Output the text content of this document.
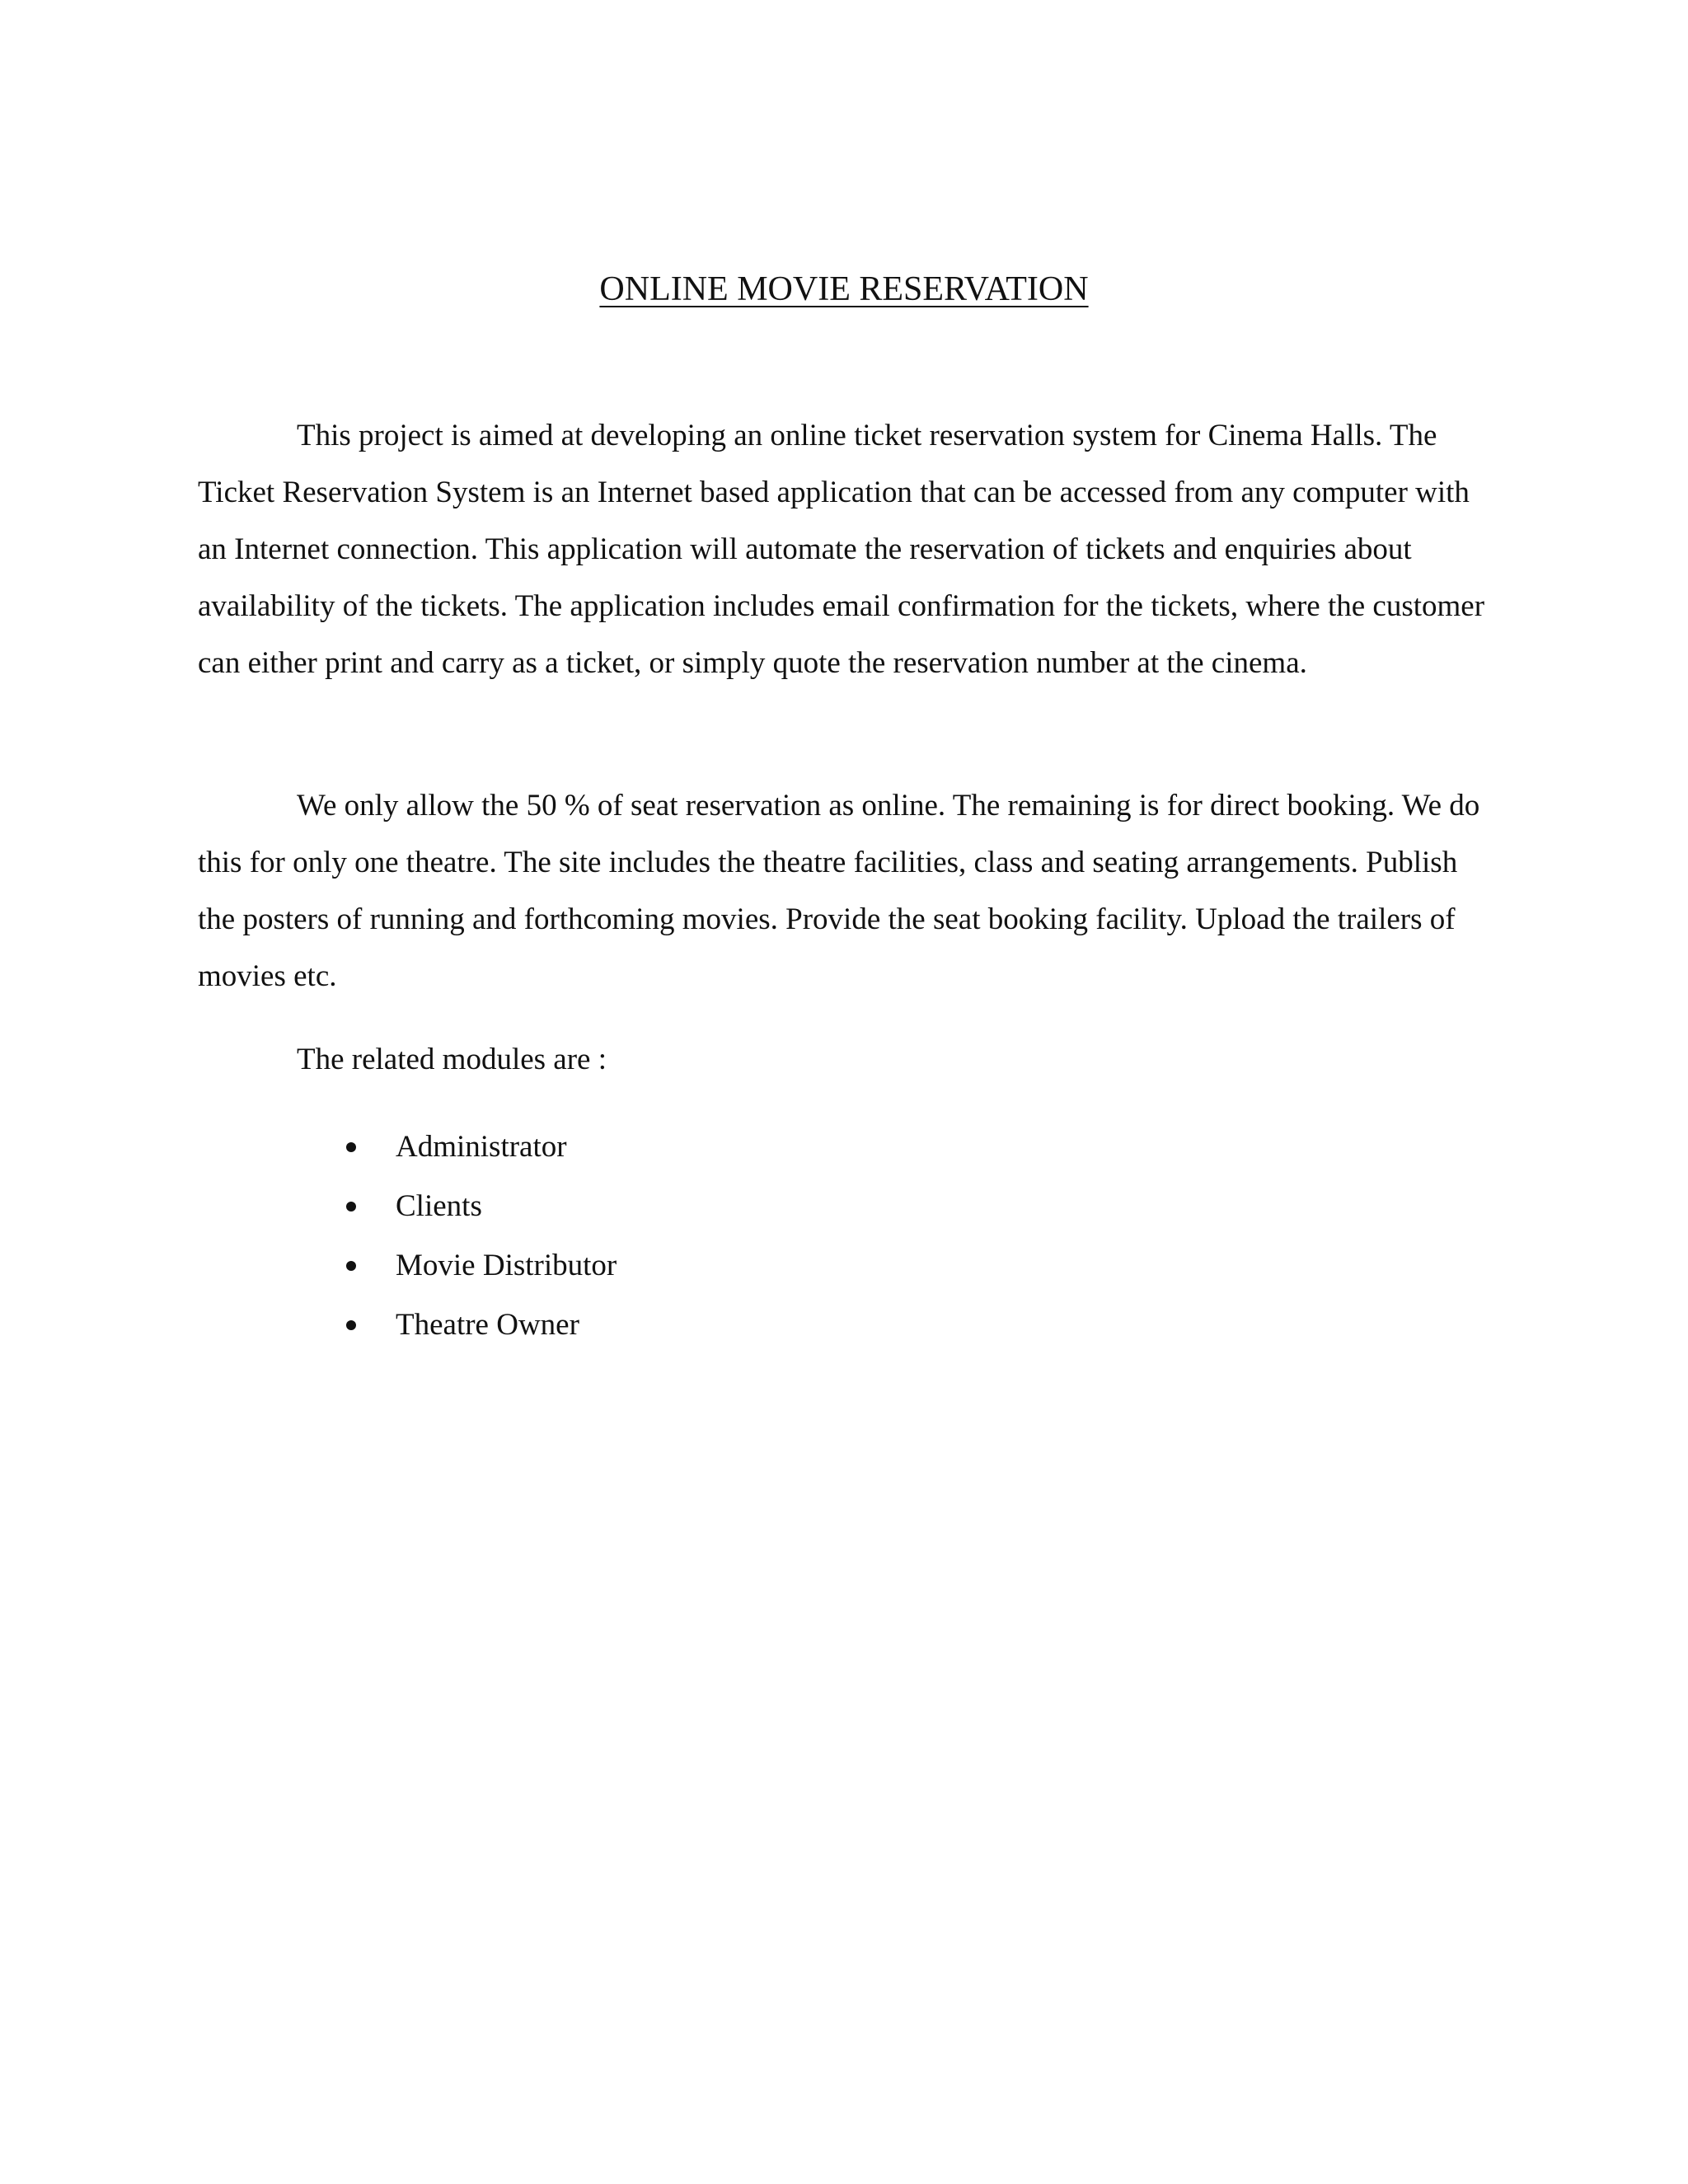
ONLINE MOVIE RESERVATION

This project is aimed at developing an online ticket reservation system for Cinema Halls. The Ticket Reservation System is an Internet based application that can be accessed from any computer with an Internet connection. This application will automate the reservation of tickets and enquiries about availability of the tickets. The application includes email confirmation for the tickets, where the customer can either print and carry as a ticket, or simply quote the reservation number at the cinema.

We only allow the 50 % of seat reservation as online. The remaining is for direct booking. We do this for only one theatre. The site includes the theatre facilities, class and seating arrangements. Publish the posters of running and forthcoming movies. Provide the seat booking facility. Upload the trailers of movies etc.

The related modules are :

Administrator
Clients
Movie Distributor
Theatre Owner
